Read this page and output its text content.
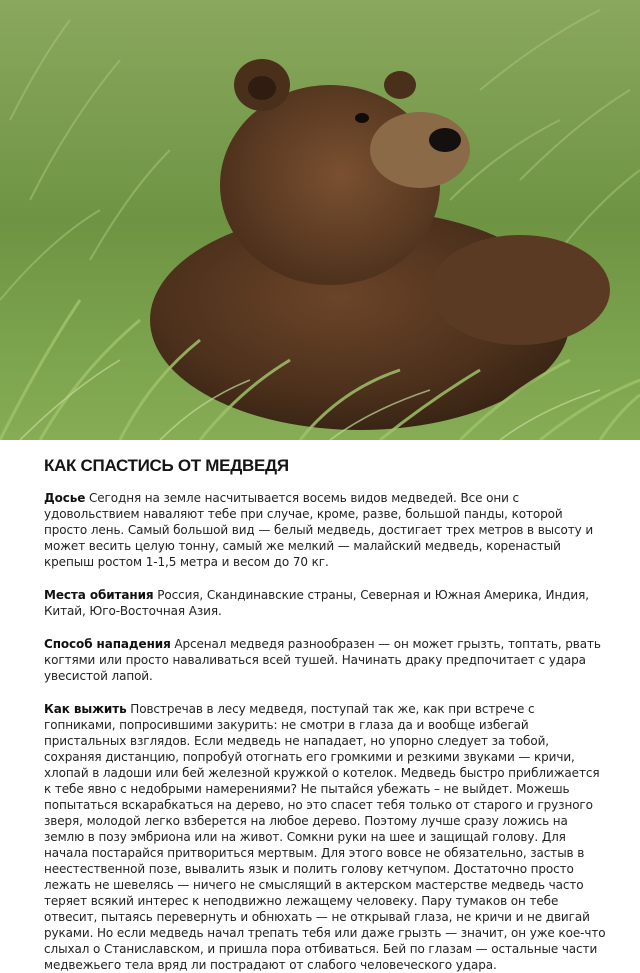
КАК СПАСТИСЬ ОТ МЕДВЕДЯ

Досье Сегодня на земле насчитывается восемь видов медведей. Все они с удовольствием наваляют тебе при случае, кроме, разве, большой панды, которой просто лень. Самый большой вид — белый медведь, достигает трех метров в высоту и может весить целую тонну, самый же мелкий — малайский медведь, коренастый крепыш ростом 1-1,5 метра и весом до 70 кг.

Места обитания Россия, Скандинавские страны, Северная и Южная Америка, Индия, Китай, Юго-Восточная Азия.

Способ нападения Арсенал медведя разнообразен — он может грызть, топтать, рвать когтями или просто наваливаться всей тушей. Начинать драку предпочитает с удара увесистой лапой.

Как выжить Повстречав в лесу медведя, поступай так же, как при встрече с гопниками, попросившими закурить: не смотри в глаза да и вообще избегай пристальных взглядов. Если медведь не нападает, но упорно следует за тобой, сохраняя дистанцию, попробуй отогнать его громкими и резкими звуками — кричи, хлопай в ладоши или бей железной кружкой о котелок. Медведь быстро приближается к тебе явно с недобрыми намерениями? Не пытайся убежать – не выйдет. Можешь попытаться вскарабкаться на дерево, но это спасет тебя только от старого и грузного зверя, молодой легко взберется на любое дерево. Поэтому лучше сразу ложись на землю в позу эмбриона или на живот. Сомкни руки на шее и защищай голову. Для начала постарайся притвориться мертвым. Для этого вовсе не обязательно, застыв в неестественной позе, вывалить язык и полить голову кетчупом. Достаточно просто лежать не шевелясь — ничего не смыслящий в актерском мастерстве медведь часто теряет всякий интерес к неподвижно лежащему человеку. Пару тумаков он тебе отвесит, пытаясь перевернуть и обнюхать — не открывай глаза, не кричи и не двигай руками. Но если медведь начал трепать тебя или даже грызть — значит, он уже кое-что слыхал о Станиславском, и пришла пора отбиваться. Бей по глазам — остальные части медвежьего тела вряд ли пострадают от слабого человеческого удара.
